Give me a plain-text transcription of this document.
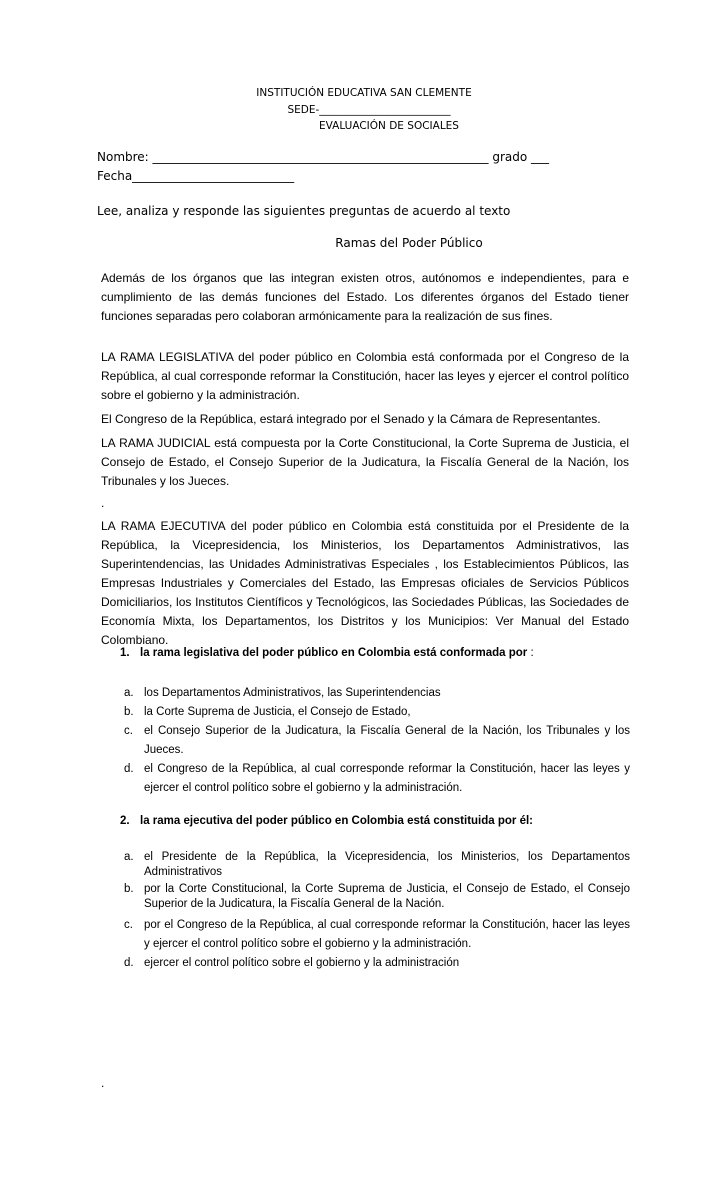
INSTITUCIÓN EDUCATIVA SAN CLEMENTE
SEDE-_________________________
EVALUACIÓN DE SOCIALES
Nombre: ________________________________________________________ grado ___
Fecha___________________________
Lee, analiza y responde las siguientes preguntas de acuerdo al texto
Ramas del Poder Público
Además de los órganos que las integran existen otros, autónomos e independientes, para e cumplimiento de las demás funciones del Estado. Los diferentes órganos del Estado tiener funciones separadas pero colaboran armónicamente para la realización de sus fines.
LA RAMA LEGISLATIVA del poder público en Colombia está conformada por el Congreso de la República, al cual corresponde reformar la Constitución, hacer las leyes y ejercer el control político sobre el gobierno y la administración.
El Congreso de la República, estará integrado por el Senado y la Cámara de Representantes.
LA RAMA JUDICIAL está compuesta por la Corte Constitucional, la Corte Suprema de Justicia, el Consejo de Estado, el Consejo Superior de la Judicatura, la Fiscalía General de la Nación, los Tribunales y los Jueces.
.
LA RAMA EJECUTIVA del poder público en Colombia está constituida por el Presidente de la República, la Vicepresidencia, los Ministerios, los Departamentos Administrativos, las Superintendencias, las Unidades Administrativas Especiales , los Establecimientos Públicos, las Empresas Industriales y Comerciales del Estado, las Empresas oficiales de Servicios Públicos Domiciliarios, los Institutos Científicos y Tecnológicos, las Sociedades Públicas, las Sociedades de Economía Mixta, los Departamentos, los Distritos y los Municipios: Ver Manual del Estado Colombiano.
1. la rama legislativa del poder público en Colombia está conformada por :
a. los Departamentos Administrativos, las Superintendencias
b. la Corte Suprema de Justicia, el Consejo de Estado,
c. el Consejo Superior de la Judicatura, la Fiscalía General de la Nación, los Tribunales y los Jueces.
d. el Congreso de la República, al cual corresponde reformar la Constitución, hacer las leyes y ejercer el control político sobre el gobierno y la administración.
2. la rama ejecutiva del poder público en Colombia está constituida por él:
a. el Presidente de la República, la Vicepresidencia, los Ministerios, los Departamentos Administrativos
b. por la Corte Constitucional, la Corte Suprema de Justicia, el Consejo de Estado, el Consejo Superior de la Judicatura, la Fiscalía General de la Nación.
c. por el Congreso de la República, al cual corresponde reformar la Constitución, hacer las leyes y ejercer el control político sobre el gobierno y la administración.
d. ejercer el control político sobre el gobierno y la administración
.
